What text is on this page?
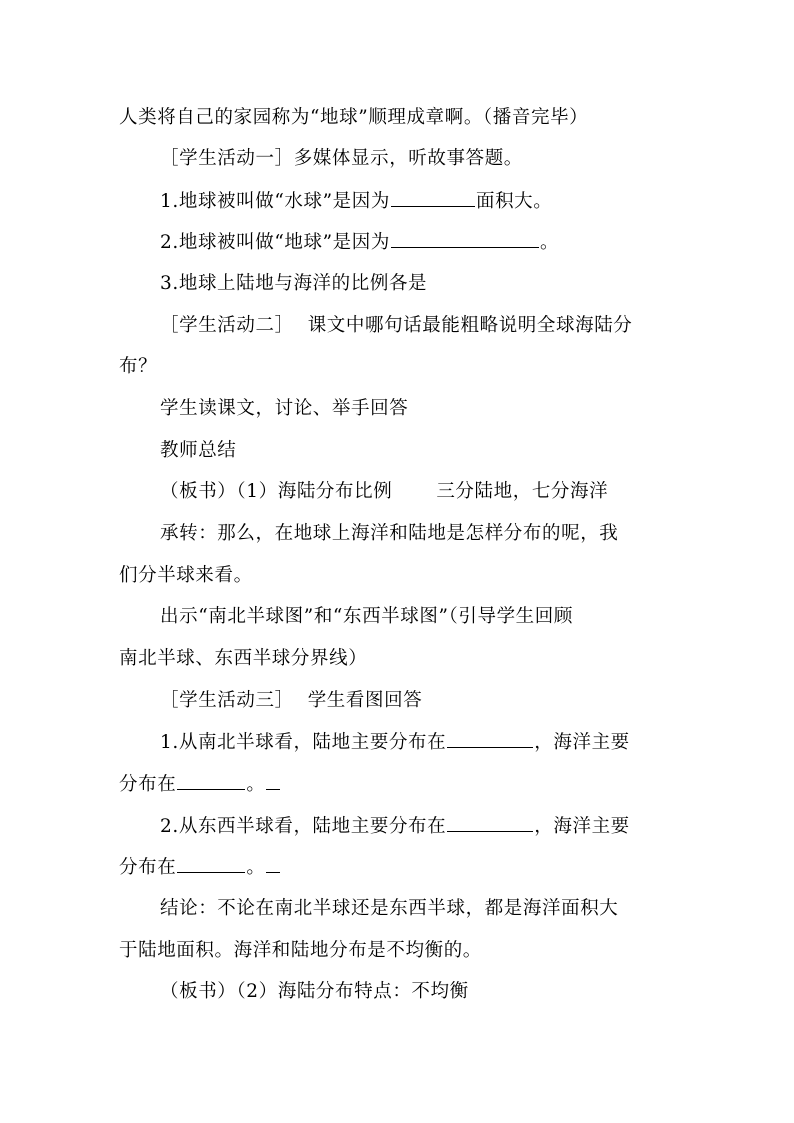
人类将自己的家园称为“地球”顺理成章啊。（播音完毕）
［学生活动一］多媒体显示，听故事答题。
1.地球被叫做“水球”是因为	面积大。
2.地球被叫做“地球”是因为	。
3.地球上陆地与海洋的比例各是
［学生活动二］ 课文中哪句话最能粗略说明全球海陆分
布？
学生读课文，讨论、举手回答
教师总结
（板书）（1）海陆分布比例 三分陆地，七分海洋
承转：那么，在地球上海洋和陆地是怎样分布的呢，我
们分半球来看。
出示“南北半球图”和“东西半球图”（引导学生回顾
南北半球、东西半球分界线）
［学生活动三］ 学生看图回答
1.从南北半球看，陆地主要分布在	，海洋主要
分布在	。
2.从东西半球看，陆地主要分布在	，海洋主要
分布在	。
结论：不论在南北半球还是东西半球，都是海洋面积大
于陆地面积。海洋和陆地分布是不均衡的。
（板书）（2）海陆分布特点：不均衡
